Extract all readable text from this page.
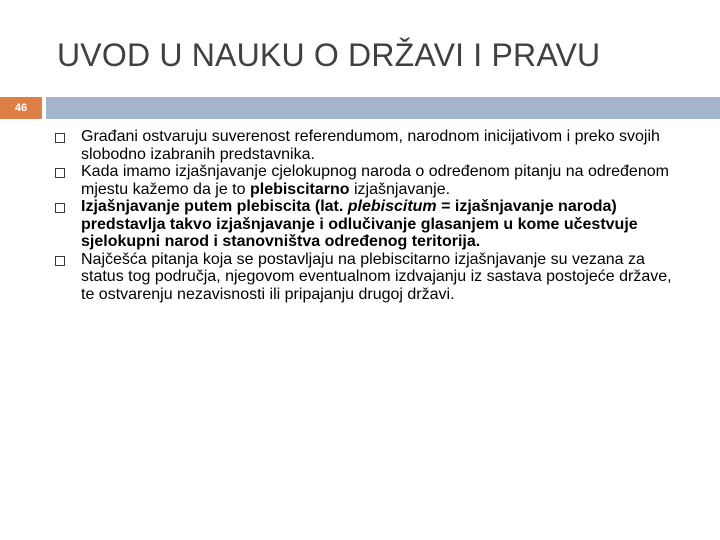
UVOD U NAUKU O DRŽAVI I PRAVU
46
Građani ostvaruju suverenost referendumom, narodnom inicijativom i preko svojih slobodno izabranih predstavnika.
Kada imamo izjašnjavanje cjelokupnog naroda o određenom pitanju na određenom mjestu kažemo da je to plebiscitarno izjašnjavanje.
Izjašnjavanje putem plebiscita (lat. plebiscitum = izjašnjavanje naroda) predstavlja takvo izjašnjavanje i odlučivanje glasanjem u kome učestvuje sjelokupni narod i stanovništva određenog teritorija.
Najčešća pitanja koja se postavljaju na plebiscitarno izjašnjavanje su vezana za status tog područja, njegovom eventualnom izdvajanju iz sastava postojeće države, te ostvarenju nezavisnosti ili pripajanju drugoj državi.
